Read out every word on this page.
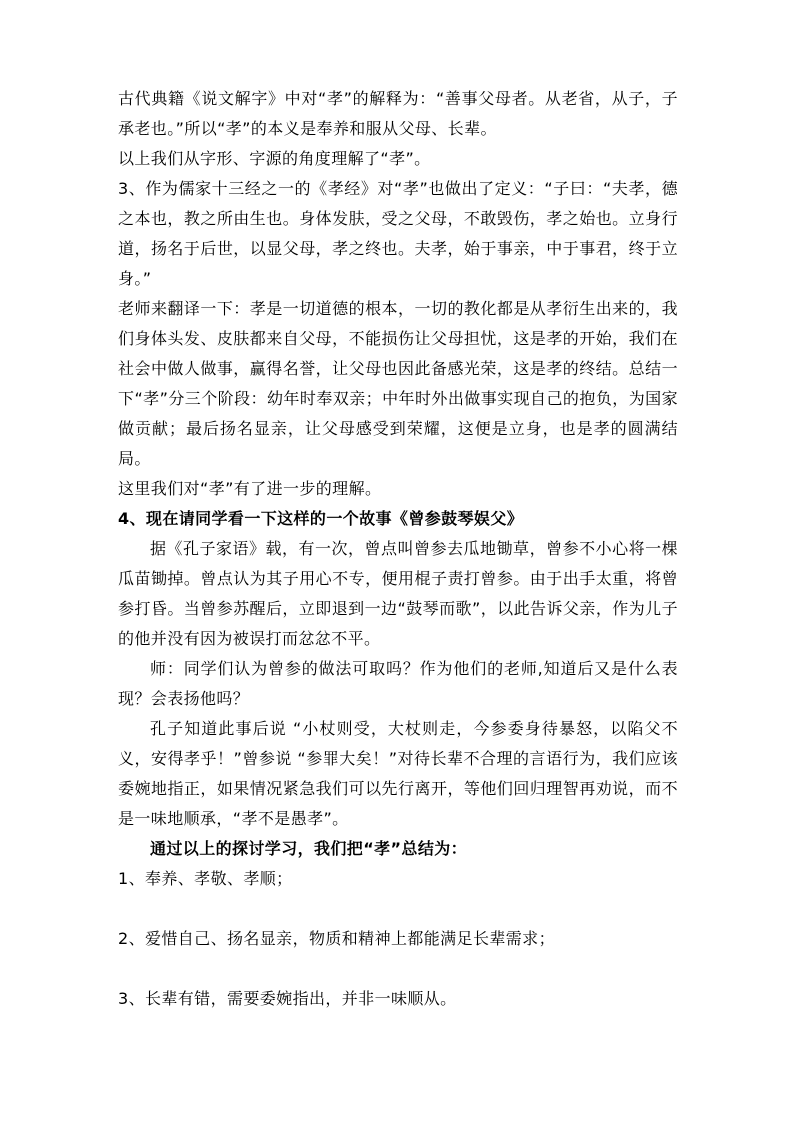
古代典籍《说文解字》中对“孝”的解释为：“善事父母者。从老省，从子，子承老也。”所以“孝”的本义是奉养和服从父母、长辈。

以上我们从字形、字源的角度理解了“孝”。

3、作为儒家十三经之一的《孝经》对“孝”也做出了定义：“子曰：“夫孝，德之本也，教之所由生也。身体发肤，受之父母，不敢毁伤，孝之始也。立身行道，扬名于后世，以显父母，孝之终也。夫孝，始于事亲，中于事君，终于立身。”

老师来翻译一下：孝是一切道德的根本，一切的教化都是从孝衍生出来的，我们身体头发、皮肤都来自父母，不能损伤让父母担忧，这是孝的开始，我们在社会中做人做事，赢得名誉，让父母也因此备感光荣，这是孝的终结。总结一下“孝”分三个阶段：幼年时奉双亲；中年时外出做事实现自己的抱负，为国家做贡献；最后扬名显亲，让父母感受到荣耀，这便是立身，也是孝的圆满结局。

这里我们对“孝”有了进一步的理解。

4、现在请同学看一下这样的一个故事《曾参鼓琴娱父》

据《孔子家语》载，有一次，曾点叫曾参去瓜地锄草，曾参不小心将一棵瓜苗锄掉。曾点认为其子用心不专，便用棍子责打曾参。由于出手太重，将曾参打昏。当曾参苏醒后，立即退到一边“鼓琴而歌”，以此告诉父亲，作为儿子的他并没有因为被误打而忿忿不平。

师：同学们认为曾参的做法可取吗？作为他们的老师,知道后又是什么表现？会表扬他吗？

孔子知道此事后说 “小杖则受，大杖则走，今参委身待暴怒，以陷父不义，安得孝乎！”曾参说 “参罪大矣！”对待长辈不合理的言语行为，我们应该委婉地指正，如果情况紧急我们可以先行离开，等他们回归理智再劝说，而不是一味地顺承，“孝不是愚孝”。

通过以上的探讨学习，我们把“孝”总结为：

1、奉养、孝敬、孝顺；

2、爱惜自己、扬名显亲，物质和精神上都能满足长辈需求；

3、长辈有错，需要委婉指出，并非一味顺从。
